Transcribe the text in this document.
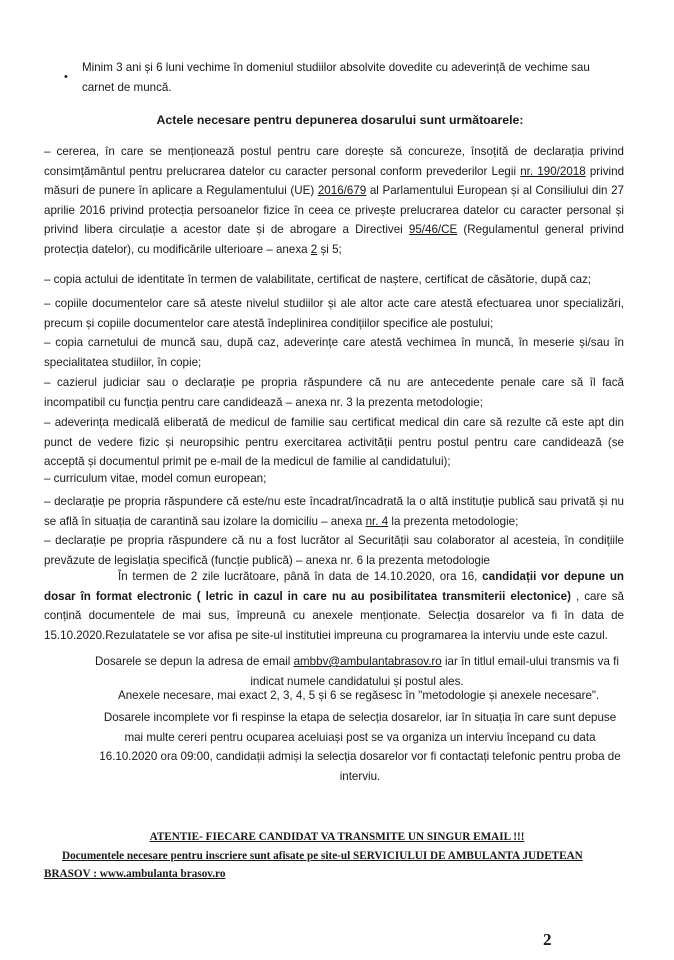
•

Minim 3 ani și 6 luni vechime în domeniul studiilor absolvite dovedite cu adeverință de vechime sau carnet de muncă.

Actele necesare pentru depunerea dosarului sunt următoarele:

– cererea, în care se menționează postul pentru care dorește să concureze, însoțită de declarația privind consimțământul pentru prelucrarea datelor cu caracter personal conform prevederilor Legii nr. 190/2018 privind măsuri de punere în aplicare a Regulamentului (UE) 2016/679 al Parlamentului European și al Consiliului din 27 aprilie 2016 privind protecția persoanelor fizice în ceea ce privește prelucrarea datelor cu caracter personal și privind libera circulație a acestor date și de abrogare a Directivei 95/46/CE (Regulamentul general privind protecția datelor), cu modificările ulterioare – anexa 2 și 5;

– copia actului de identitate în termen de valabilitate, certificat de naștere, certificat de căsătorie, după caz;

– copiile documentelor care să ateste nivelul studiilor și ale altor acte care atestă efectuarea unor specializări, precum și copiile documentelor care atestă îndeplinirea condițiilor specifice ale postului;

– copia carnetului de muncă sau, după caz, adeverințe care atestă vechimea în muncă, în meserie și/sau în specialitatea studiilor, în copie;

– cazierul judiciar sau o declarație pe propria răspundere că nu are antecedente penale care să îl facă incompatibil cu funcția pentru care candidează – anexa nr. 3 la prezenta metodologie;

– adeverința medicală eliberată de medicul de familie sau certificat medical din care să rezulte că este apt din punct de vedere fizic și neuropsihic pentru exercitarea activității pentru postul pentru care candidează (se acceptă și documentul primit pe e-mail de la medicul de familie al candidatului);

– curriculum vitae, model comun european;

– declarație pe propria răspundere că este/nu este încadrat/încadrată la o altă instituție publică sau privată și nu se află în situația de carantină sau izolare la domiciliu – anexa nr. 4 la prezenta metodologie;

– declarație pe propria răspundere că nu a fost lucrător al Securității sau colaborator al acesteia, în condițiile prevăzute de legislația specifică (funcție publică) – anexa nr. 6 la prezenta metodologie

În termen de 2 zile lucrătoare, până în data de 14.10.2020, ora 16, candidații vor depune un dosar în format electronic ( letric in cazul in care nu au posibilitatea transmiterii electonice) , care să conțină documentele de mai sus, împreună cu anexele menționate. Selecția dosarelor va fi în data de 15.10.2020.Rezulatatele se vor afisa pe site-ul institutiei impreuna cu programarea la interviu unde este cazul.

Dosarele se depun la adresa de email ambbv@ambulantabrasov.ro iar în titlul email-ului transmis va fi indicat numele candidatului și postul ales.

Anexele necesare, mai exact 2, 3, 4, 5 și 6 se regăsesc în "metodologie și anexele necesare".

Dosarele incomplete vor fi respinse la etapa de selecția dosarelor, iar în situația în care sunt depuse mai multe cereri pentru ocuparea aceluiași post se va organiza un interviu începand cu data 16.10.2020 ora 09:00, candidații admiși la selecția dosarelor vor fi contactați telefonic pentru proba de interviu.

ATENTIE- FIECARE CANDIDAT VA TRANSMITE UN SINGUR EMAIL !!!

Documentele necesare pentru inscriere sunt afisate pe site-ul SERVICIULUI DE AMBULANTA JUDETEAN

BRASOV : www.ambulanta brasov.ro

2
